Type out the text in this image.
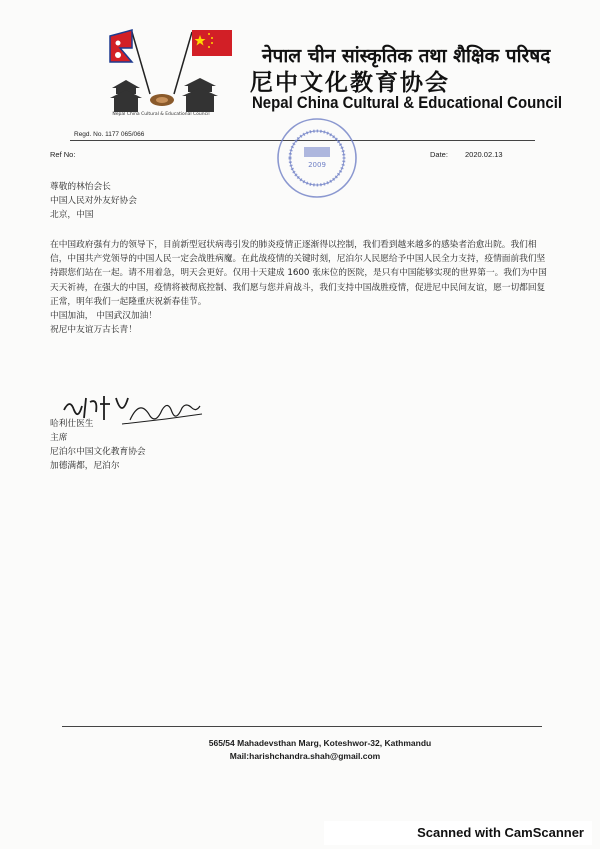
Nepal China Cultural & Educational Council
नेपाल चीन सांस्कृतिक तथा शैक्षिक परिषद
尼中文化教育协会
Nepal China Cultural & Educational Council
Regd. No. 1177 065/066
2009
Ref No:	Date: 2020.02.13
尊敬的林怡会长
中国人民对外友好协会
北京，中国

在中国政府强有力的领导下，目前新型冠状病毒引发的肺炎疫情正逐渐得以控制，我们看到越来越多的感染者治愈出院。我们相信，中国共产党领导的中国人民一定会战胜病魔。在此战疫情的关键时刻，尼泊尔人民愿给予中国人民全力支持，疫情面前我们坚持跟您们站在一起。请不用着急，明天会更好。仅用十天建成 1600 张床位的医院，是只有中国能够实现的世界第一。我们为中国天天祈祷，在强大的中国，疫情将被彻底控制、我们愿与您并肩战斗，我们支持中国战胜疫情，促进尼中民间友谊，愿一切都回复正常，明年我们一起隆重庆祝新春佳节。

中国加油， 中国武汉加油！

祝尼中友谊万古长青！

哈利仕医生
主席
尼泊尔中国文化教育协会
加德满都，尼泊尔
565/54 Mahadevsthan Marg, Koteshwor-32, Kathmandu
Mail:harishchandra.shah@gmail.com
Scanned with CamScanner
